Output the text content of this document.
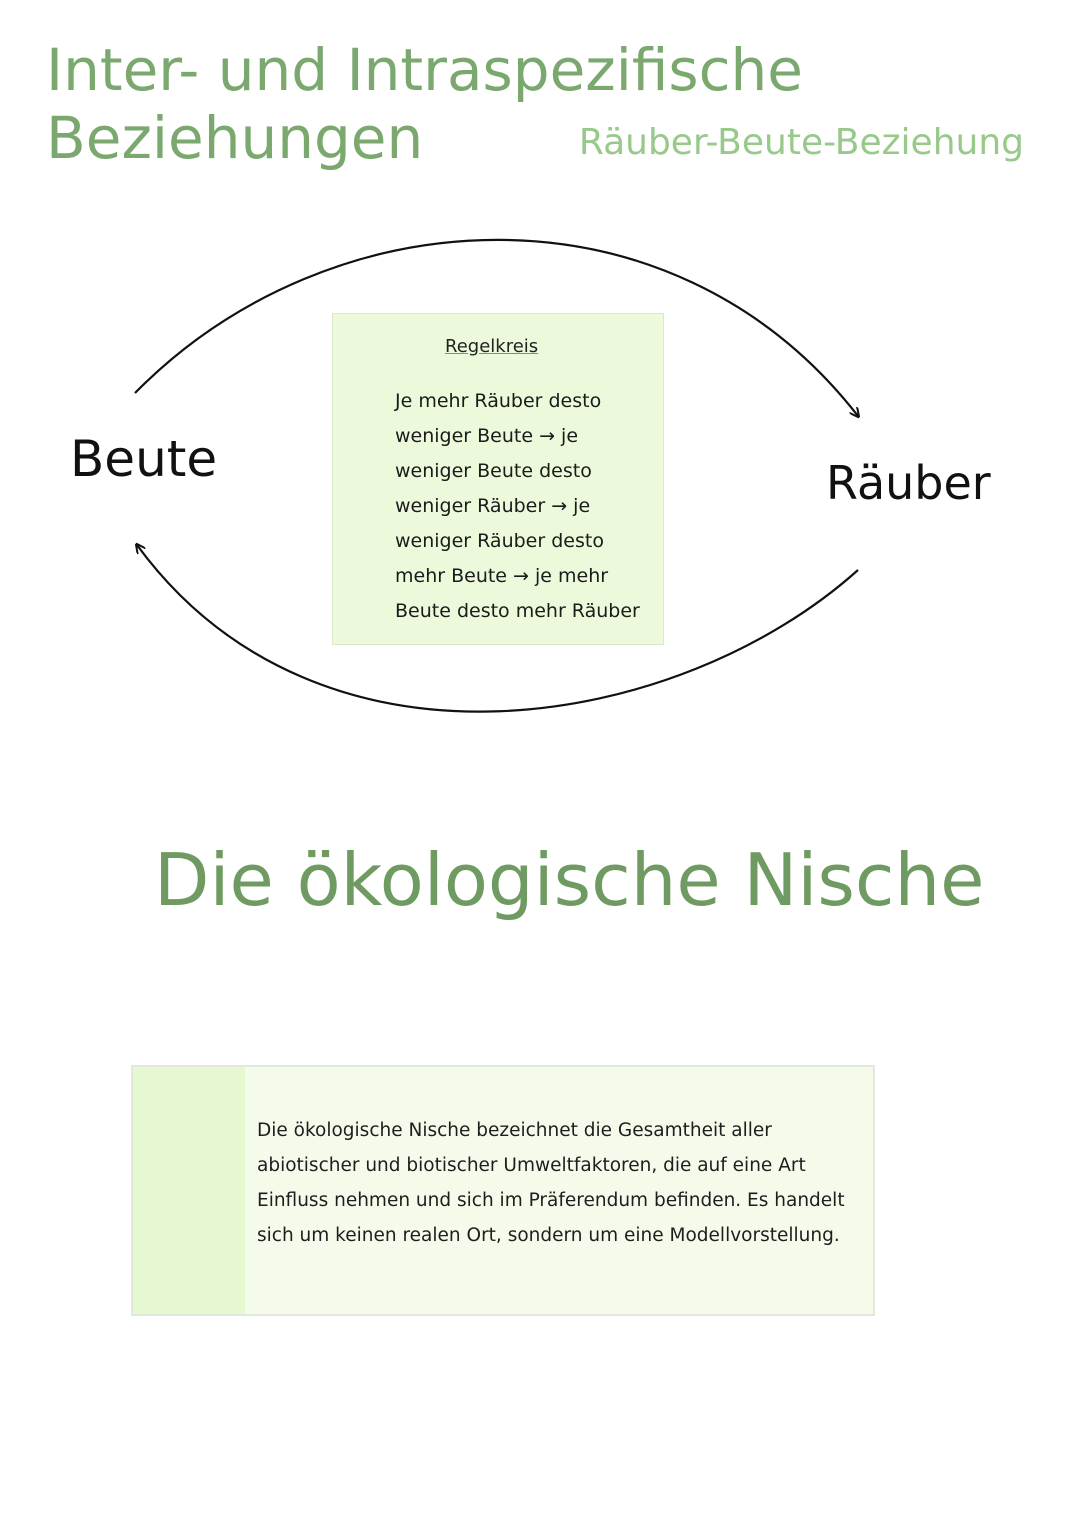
Inter- und Intraspezifische Beziehungen	Räuber-Beute-Beziehung
Beute	Räuber
Regelkreis
Je mehr Räuber desto
weniger Beute → je
weniger Beute desto
weniger Räuber → je
weniger Räuber desto
mehr Beute → je mehr
Beute desto mehr Räuber
Die ökologische Nische

Die ökologische Nische bezeichnet die Gesamtheit aller abiotischer und biotischer Umweltfaktoren, die auf eine Art Einfluss nehmen und sich im Präferendum befinden. Es handelt sich um keinen realen Ort, sondern um eine Modellvorstellung.
